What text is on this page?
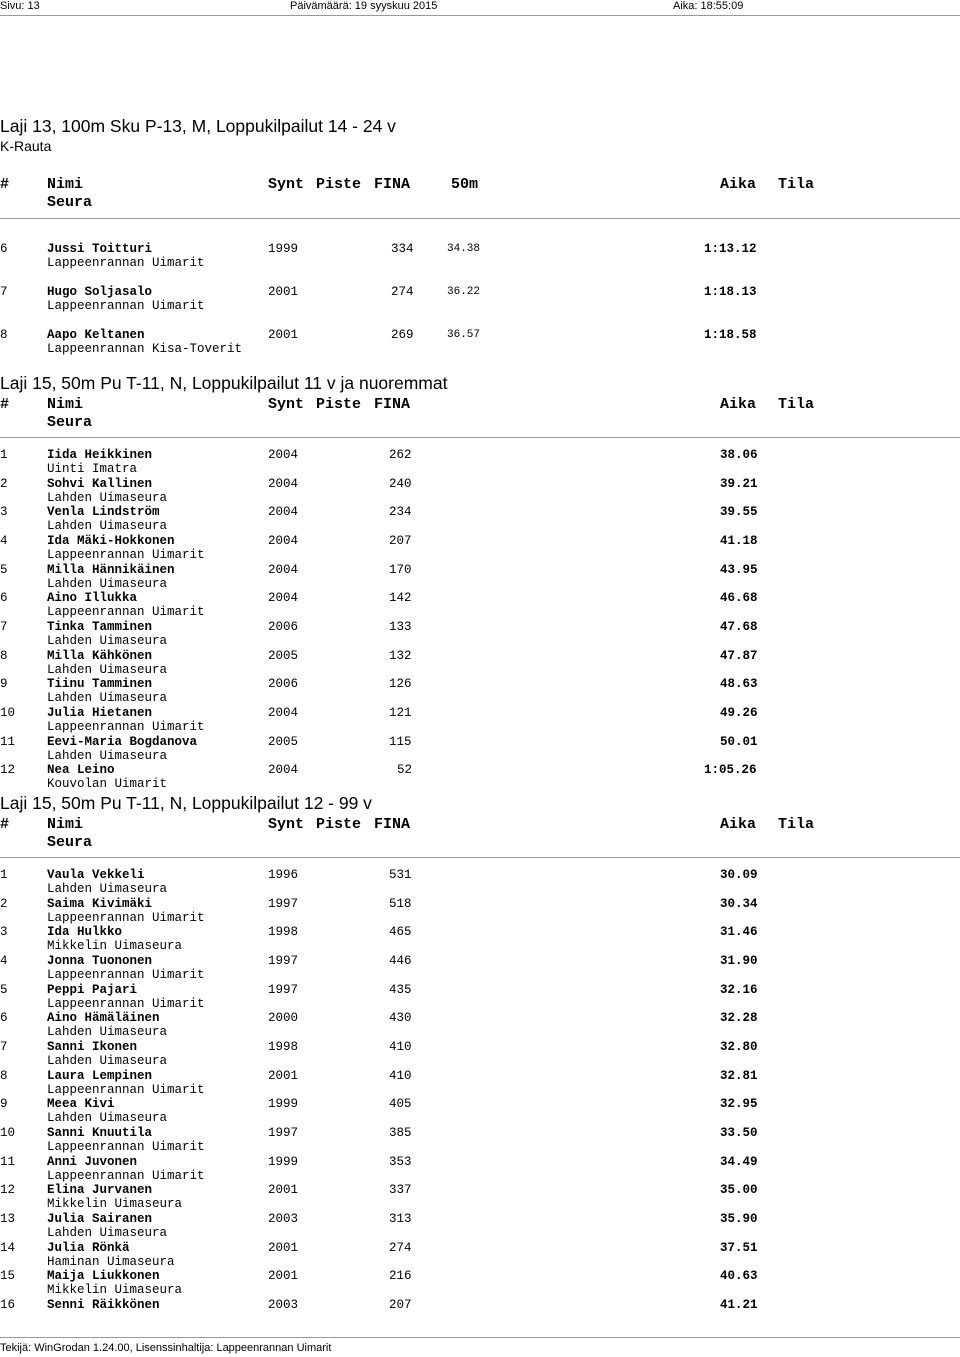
Sivu: 13	Päivämäärä: 19 syyskuu 2015	Aika: 18:55:09
Laji 13, 100m Sku P-13, M, Loppukilpailut 14 - 24 v
K-Rauta
#	Nimi	Synt Piste FINA	50m	Aika Tila
Seura
6	Jussi Toitturi	1999	334	34.38	1:13.12
Lappeenrannan Uimarit
7	Hugo Soljasalo	2001	274	36.22	1:18.13
Lappeenrannan Uimarit
8	Aapo Keltanen	2001	269	36.57	1:18.58
Lappeenrannan Kisa-Toverit
Laji 15, 50m Pu T-11, N, Loppukilpailut 11 v ja nuoremmat
#	Nimi	Synt Piste FINA	Aika Tila
Seura
1	Iida Heikkinen	2004	262	38.06
Uinti Imatra
2	Sohvi Kallinen	2004	240	39.21
Lahden Uimaseura
3	Venla Lindström	2004	234	39.55
Lahden Uimaseura
4	Ida Mäki-Hokkonen	2004	207	41.18
Lappeenrannan Uimarit
5	Milla Hännikäinen	2004	170	43.95
Lahden Uimaseura
6	Aino Illukka	2004	142	46.68
Lappeenrannan Uimarit
7	Tinka Tamminen	2006	133	47.68
Lahden Uimaseura
8	Milla Kähkönen	2005	132	47.87
Lahden Uimaseura
9	Tiinu Tamminen	2006	126	48.63
Lahden Uimaseura
10	Julia Hietanen	2004	121	49.26
Lappeenrannan Uimarit
11	Eevi-Maria Bogdanova	2005	115	50.01
Lahden Uimaseura
12	Nea Leino	2004	52	1:05.26
Kouvolan Uimarit
Laji 15, 50m Pu T-11, N, Loppukilpailut 12 - 99 v
#	Nimi	Synt Piste FINA	Aika Tila
Seura
1	Vaula Vekkeli	1996	531	30.09
Lahden Uimaseura
2	Saima Kivimäki	1997	518	30.34
Lappeenrannan Uimarit
3	Ida Hulkko	1998	465	31.46
Mikkelin Uimaseura
4	Jonna Tuononen	1997	446	31.90
Lappeenrannan Uimarit
5	Peppi Pajari	1997	435	32.16
Lappeenrannan Uimarit
6	Aino Hämäläinen	2000	430	32.28
Lahden Uimaseura
7	Sanni Ikonen	1998	410	32.80
Lahden Uimaseura
8	Laura Lempinen	2001	410	32.81
Lappeenrannan Uimarit
9	Meea Kivi	1999	405	32.95
Lahden Uimaseura
10	Sanni Knuutila	1997	385	33.50
Lappeenrannan Uimarit
11	Anni Juvonen	1999	353	34.49
Lappeenrannan Uimarit
12	Elina Jurvanen	2001	337	35.00
Mikkelin Uimaseura
13	Julia Sairanen	2003	313	35.90
Lahden Uimaseura
14	Julia Rönkä	2001	274	37.51
Haminan Uimaseura
15	Maija Liukkonen	2001	216	40.63
Mikkelin Uimaseura
16	Senni Räikkönen	2003	207	41.21
Tekijä: WinGrodan 1.24.00, Lisenssinhaltija: Lappeenrannan Uimarit
